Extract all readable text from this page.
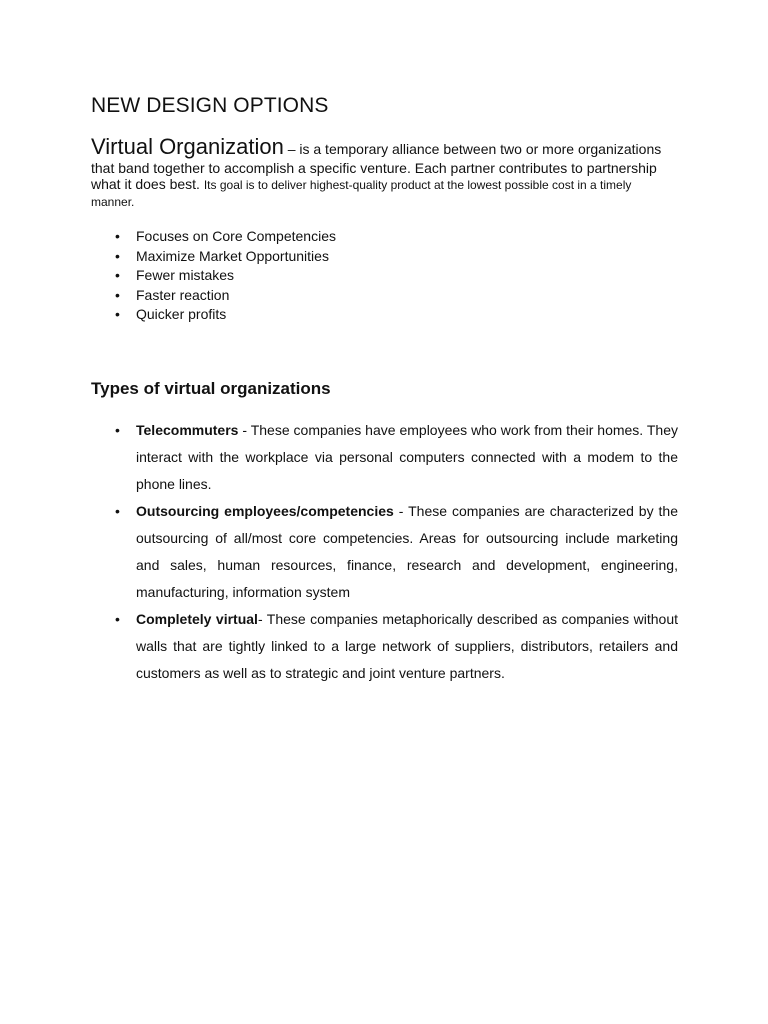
NEW DESIGN OPTIONS

Virtual Organization – is a temporary alliance between two or more organizations that band together to accomplish a specific venture. Each partner contributes to partnership what it does best. Its goal is to deliver highest-quality product at the lowest possible cost in a timely manner.

• Focuses on Core Competencies
• Maximize Market Opportunities
• Fewer mistakes
• Faster reaction
• Quicker profits
Types of virtual organizations
• Telecommuters - These companies have employees who work from their homes. They interact with the workplace via personal computers connected with a modem to the phone lines.
• Outsourcing employees/competencies - These companies are characterized by the outsourcing of all/most core competencies. Areas for outsourcing include marketing and sales, human resources, finance, research and development, engineering, manufacturing, information system
• Completely virtual- These companies metaphorically described as companies without walls that are tightly linked to a large network of suppliers, distributors, retailers and customers as well as to strategic and joint venture partners.
